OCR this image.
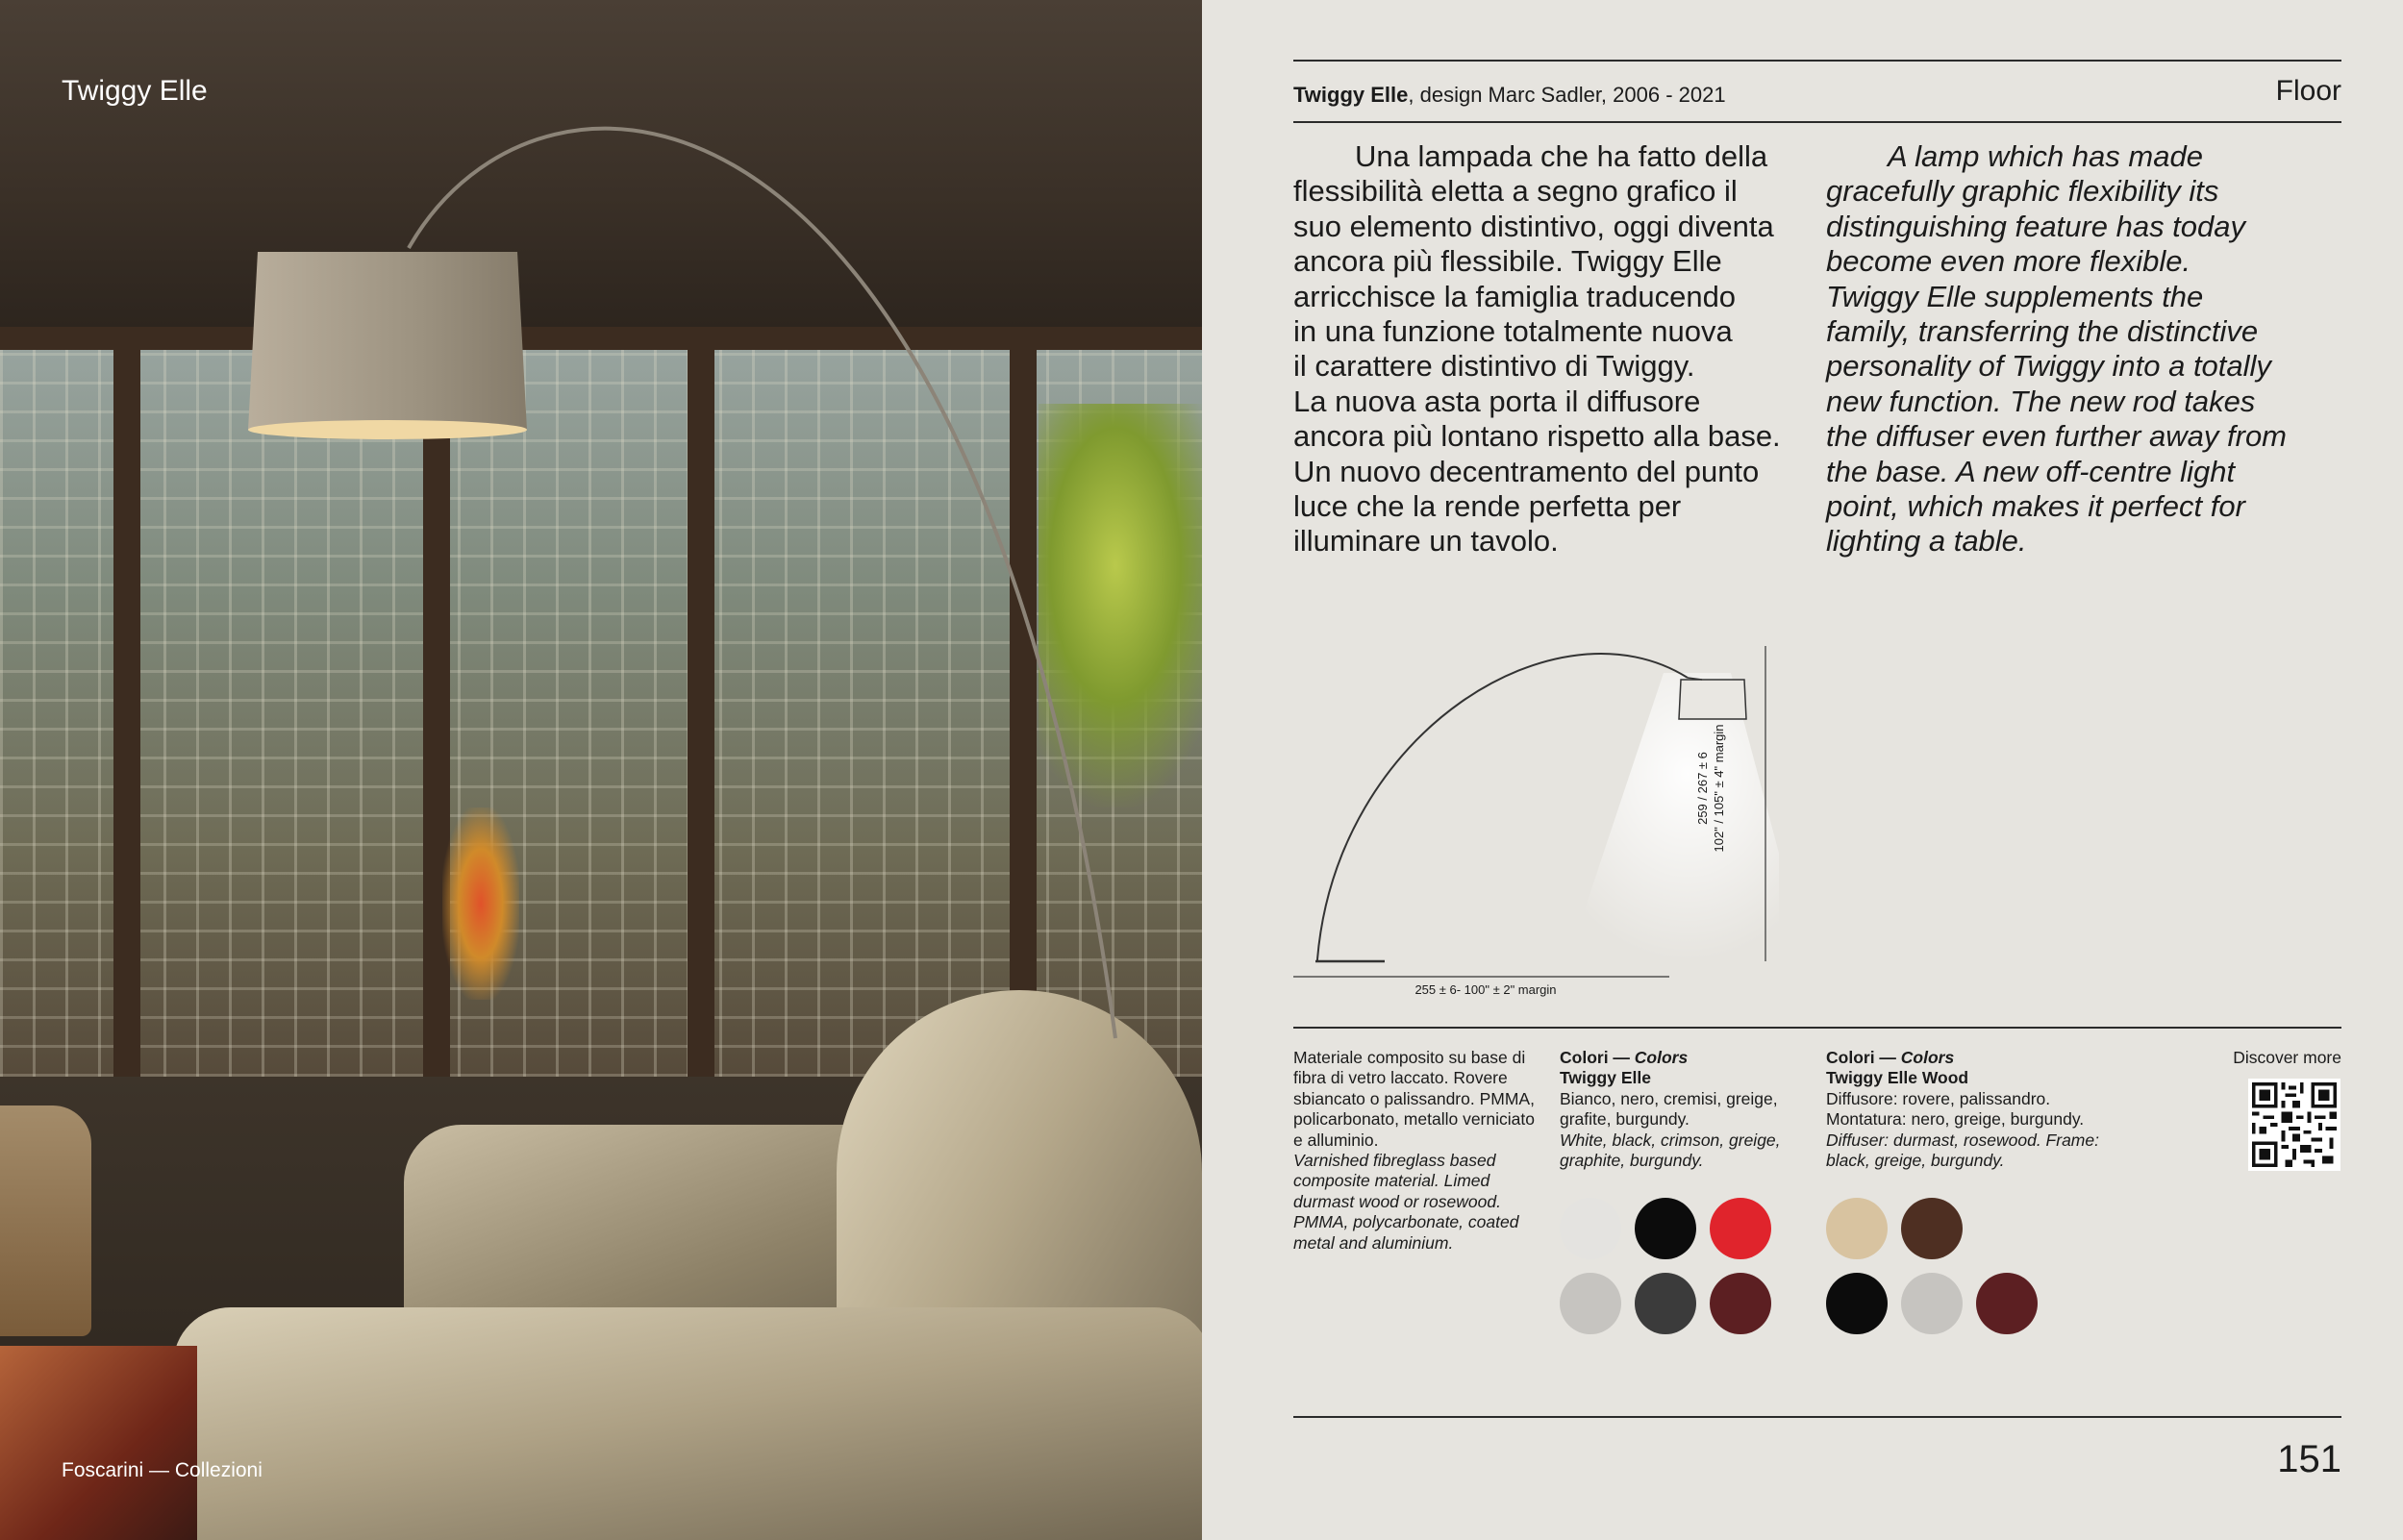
Twiggy Elle
Foscarini — Collezioni
Twiggy Elle, design Marc Sadler, 2006 - 2021	Floor

Una lampada che ha fatto della
flessibilità eletta a segno grafico il
suo elemento distintivo, oggi diventa
ancora più flessibile. Twiggy Elle
arricchisce la famiglia traducendo
in una funzione totalmente nuova
il carattere distintivo di Twiggy.
La nuova asta porta il diffusore
ancora più lontano rispetto alla base.
Un nuovo decentramento del punto
luce che la rende perfetta per
illuminare un tavolo.

A lamp which has made
gracefully graphic flexibility its
distinguishing feature has today
become even more flexible.
Twiggy Elle supplements the
family, transferring the distinctive
personality of Twiggy into a totally
new function. The new rod takes
the diffuser even further away from
the base. A new off-centre light
point, which makes it perfect for
lighting a table.

259 / 267 ± 6 102" / 105" ± 4" margin
255 ± 6- 100" ± 2" margin

Materiale composito su base di fibra di vetro laccato. Rovere sbiancato o palissandro. PMMA, policarbonato, metallo verniciato e alluminio.

Varnished fibreglass based composite material. Limed durmast wood or rosewood. PMMA, polycarbonate, coated metal and aluminium.

Colori — Colors

Twiggy Elle

Bianco, nero, cremisi, greige, grafite, burgundy.

White, black, crimson, greige, graphite, burgundy.

Colori — Colors

Twiggy Elle Wood

Diffusore: rovere, palissandro. Montatura: nero, greige, burgundy.

Diffuser: durmast, rosewood. Frame: black, greige, burgundy.

Discover more
151
